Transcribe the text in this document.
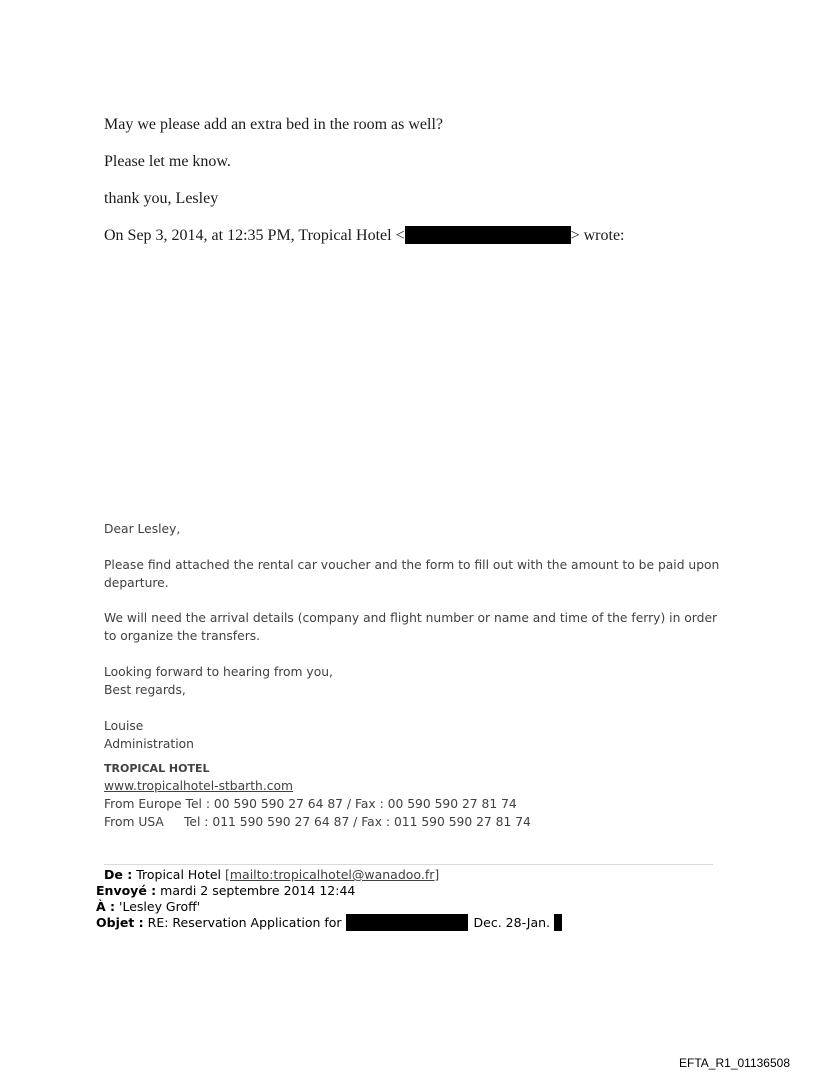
May we please add an extra bed in the room as well?
Please let me know.
thank you, Lesley
On Sep 3, 2014, at 12:35 PM, Tropical Hotel <	> wrote:
Dear Lesley,
Please find attached the rental car voucher and the form to fill out with the amount to be paid upon
departure.
We will need the arrival details (company and flight number or name and time of the ferry) in order
to organize the transfers.
Looking forward to hearing from you,
Best regards,
Louise
Administration
TROPICAL HOTEL
www.tropicalhotel-stbarth.com
From Europe Tel : 00 590 590 27 64 87 / Fax : 00 590 590 27 81 74
From USA Tel : 011 590 590 27 64 87 / Fax : 011 590 590 27 81 74
De : Tropical Hotel [mailto:tropicalhotel@wanadoo.fr]
Envoyé : mardi 2 septembre 2014 12:44
À : 'Lesley Groff'
Objet : RE: Reservation Application for	Dec. 28-Jan.
EFTA_R1_01136508
